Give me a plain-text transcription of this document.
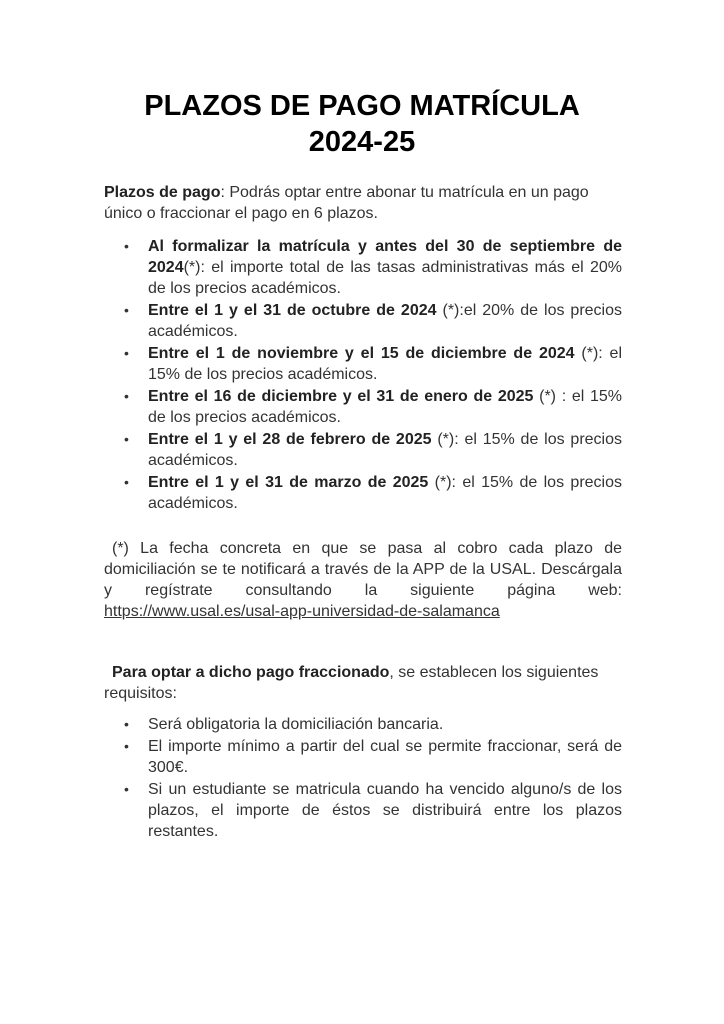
PLAZOS DE PAGO MATRÍCULA
2024-25

Plazos de pago: Podrás optar entre abonar tu matrícula en un pago único o fraccionar el pago en 6 plazos.

• Al formalizar la matrícula y antes del 30 de septiembre de 2024(*): el importe total de las tasas administrativas más el 20% de los precios académicos.
• Entre el 1 y el 31 de octubre de 2024 (*):el 20% de los precios académicos.
• Entre el 1 de noviembre y el 15 de diciembre de 2024 (*): el 15% de los precios académicos.
• Entre el 16 de diciembre y el 31 de enero de 2025 (*) : el 15% de los precios académicos.
• Entre el 1 y el 28 de febrero de 2025 (*): el 15% de los precios académicos.
• Entre el 1 y el 31 de marzo de 2025 (*): el 15% de los precios académicos.

(*) La fecha concreta en que se pasa al cobro cada plazo de domiciliación se te notificará a través de la APP de la USAL. Descárgala y regístrate consultando la siguiente página web: https://www.usal.es/usal-app-universidad-de-salamanca

Para optar a dicho pago fraccionado, se establecen los siguientes requisitos:

• Será obligatoria la domiciliación bancaria.
• El importe mínimo a partir del cual se permite fraccionar, será de 300€.
• Si un estudiante se matricula cuando ha vencido alguno/s de los plazos, el importe de éstos se distribuirá entre los plazos restantes.
